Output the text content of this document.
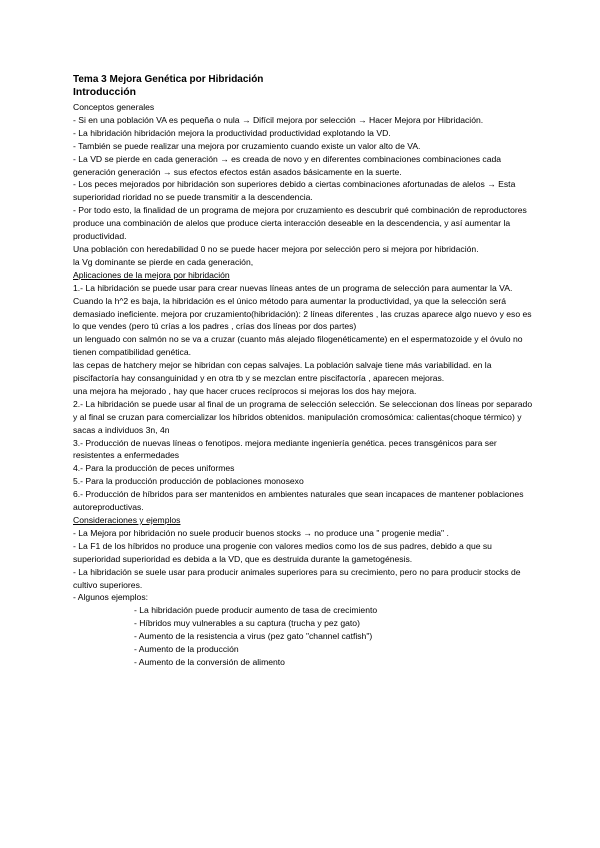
Tema 3 Mejora Genética por Hibridación
Introducción

Conceptos generales

- Si en una población VA es pequeña o nula → Difícil mejora por selección → Hacer Mejora por Hibridación.

- La hibridación hibridación mejora la productividad productividad explotando la VD.

- También se puede realizar una mejora por cruzamiento cuando existe un valor alto de VA.

- La VD se pierde en cada generación → es creada de novo y en diferentes combinaciones combinaciones cada generación generación → sus efectos efectos están asados básicamente en la suerte.

- Los peces mejorados por hibridación son superiores debido a ciertas combinaciones afortunadas de alelos → Esta superioridad rioridad no se puede transmitir a la descendencia.

- Por todo esto, la finalidad de un programa de mejora por cruzamiento es descubrir qué combinación de reproductores produce una combinación de alelos que produce cierta interacción deseable en la descendencia, y así aumentar la productividad.

Una población con heredabilidad 0 no se puede hacer mejora por selección pero si mejora por hibridación.

la Vg dominante se pierde en cada generación,

Aplicaciones de la mejora por hibridación

1.- La hibridación se puede usar para crear nuevas líneas antes de un programa de selección para aumentar la VA. Cuando la h^2 es baja, la hibridación es el único método para aumentar la productividad, ya que la selección será demasiado ineficiente. mejora por cruzamiento(hibridación): 2 líneas diferentes , las cruzas aparece algo nuevo y eso es lo que vendes (pero tú crías a los padres , crías dos líneas por dos partes)

un lenguado con salmón no se va a cruzar (cuanto más alejado filogenéticamente) en el espermatozoide y el óvulo no tienen compatibilidad genética.

las cepas de hatchery mejor se hibridan con cepas salvajes. La población salvaje tiene más variabilidad. en la piscifactoría hay consanguinidad y en otra tb y se mezclan entre piscifactoría , aparecen mejoras.

una mejora ha mejorado , hay que hacer cruces recíprocos si mejoras los dos hay mejora.

2.- La hibridación se puede usar al final de un programa de selección selección. Se seleccionan dos líneas por separado y al final se cruzan para comercializar los híbridos obtenidos. manipulación cromosómica: calientas(choque térmico) y sacas a individuos 3n, 4n

3.- Producción de nuevas líneas o fenotipos. mejora mediante ingeniería genética. peces transgénicos para ser resistentes a enfermedades

4.- Para la producción de peces uniformes

5.- Para la producción producción de poblaciones monosexo

6.- Producción de híbridos para ser mantenidos en ambientes naturales que sean incapaces de mantener poblaciones autoreproductivas.

Consideraciones y ejemplos

- La Mejora por hibridación no suele producir buenos stocks → no produce una " progenie media" .

- La F1 de los híbridos no produce una progenie con valores medios como los de sus padres, debido a que su superioridad superioridad es debida a la VD, que es destruida durante la gametogénesis.

- La hibridación se suele usar para producir animales superiores para su crecimiento, pero no para producir stocks de cultivo superiores.

- Algunos ejemplos:

- La hibridación puede producir aumento de tasa de crecimiento
- Híbridos muy vulnerables a su captura (trucha y pez gato)
- Aumento de la resistencia a virus (pez gato "channel catfish")
- Aumento de la producción
- Aumento de la conversión de alimento
